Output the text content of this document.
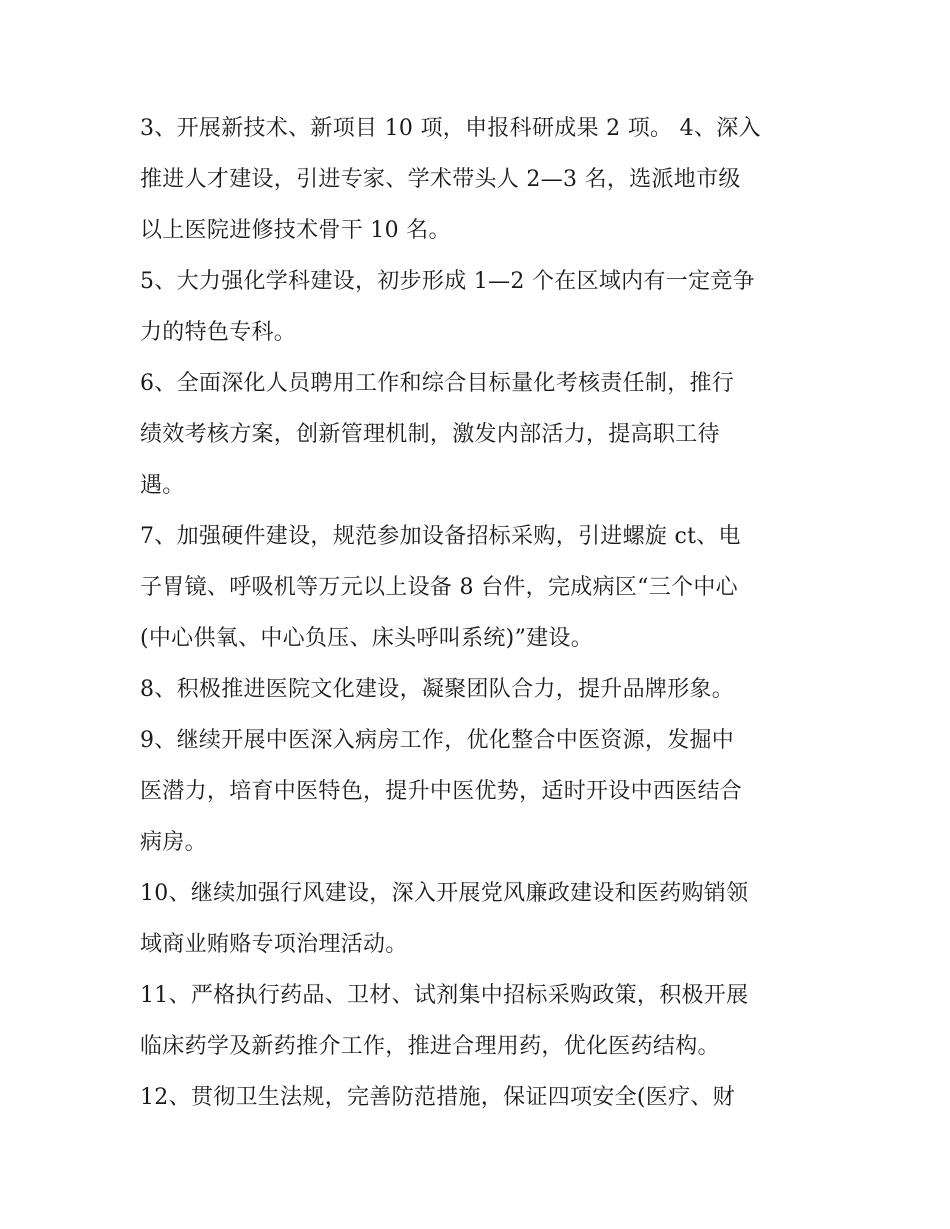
3、开展新技术、新项目 10 项，申报科研成果 2 项。 4、深入
推进人才建设，引进专家、学术带头人 2—3 名，选派地市级
以上医院进修技术骨干 10 名。
5、大力强化学科建设，初步形成 1—2 个在区域内有一定竞争
力的特色专科。
6、全面深化人员聘用工作和综合目标量化考核责任制，推行
绩效考核方案，创新管理机制，激发内部活力，提高职工待
遇。
7、加强硬件建设，规范参加设备招标采购，引进螺旋 ct、电
子胃镜、呼吸机等万元以上设备 8 台件，完成病区“三个中心
(中心供氧、中心负压、床头呼叫系统)”建设。
8、积极推进医院文化建设，凝聚团队合力，提升品牌形象。
9、继续开展中医深入病房工作，优化整合中医资源，发掘中
医潜力，培育中医特色，提升中医优势，适时开设中西医结合
病房。
10、继续加强行风建设，深入开展党风廉政建设和医药购销领
域商业贿赂专项治理活动。
11、严格执行药品、卫材、试剂集中招标采购政策，积极开展
临床药学及新药推介工作，推进合理用药，优化医药结构。
12、贯彻卫生法规，完善防范措施，保证四项安全(医疗、财
